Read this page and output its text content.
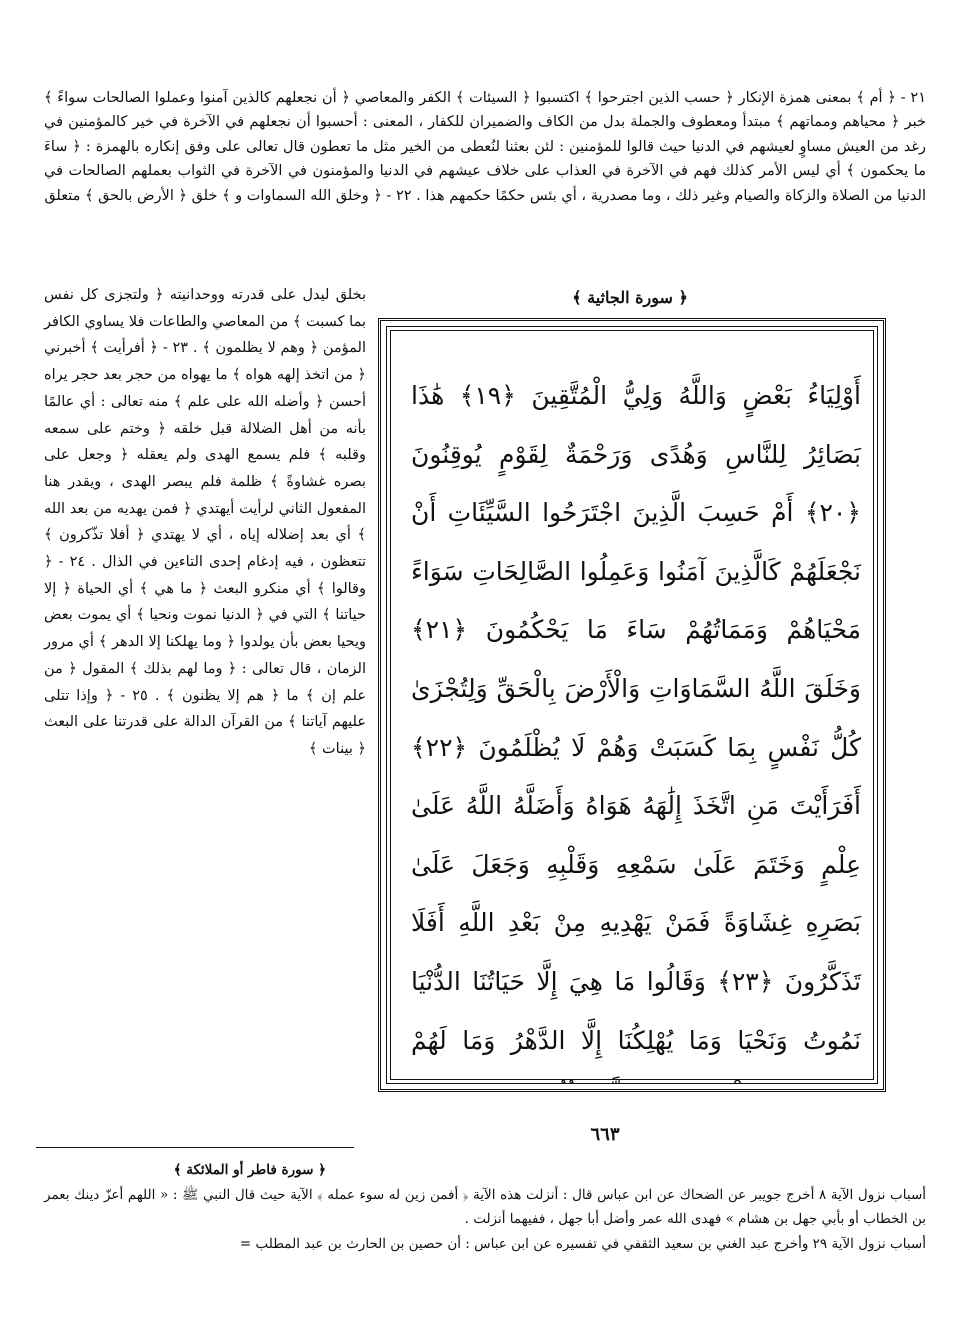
٢١ - ﴿ أم ﴾ بمعنى همزة الإنكار ﴿ حسب الذين اجترحوا ﴾ اكتسبوا ﴿ السيئات ﴾ الكفر والمعاصي ﴿ أن نجعلهم كالذين آمنوا وعملوا الصالحات سواءً ﴾ خبر ﴿ محياهم ومماتهم ﴾ مبتدأ ومعطوف والجملة بدل من الكاف والضميران للكفار ، المعنى : أحسبوا أن نجعلهم في الآخرة في خير كالمؤمنين في رغد من العيش مساوٍ لعيشهم في الدنيا حيث قالوا للمؤمنين : لئن بعثنا لنُعطى من الخير مثل ما تعطون قال تعالى على وفق إنكاره بالهمزة : ﴿ ساءَ ما يحكمون ﴾ أي ليس الأمر كذلك فهم في الآخرة في العذاب على خلاف عيشهم في الدنيا والمؤمنون في الآخرة في الثواب بعملهم الصالحات في الدنيا من الصلاة والزكاة والصيام وغير ذلك ، وما مصدرية ، أي بئس حكمًا حكمهم هذا . ٢٢ - ﴿ وخلق الله السماوات و ﴾ خلق ﴿ الأرض بالحق ﴾ متعلق
﴿ سورة الجاثية ﴾
أَوْلِيَاءُ بَعْضٍ وَاللَّهُ وَلِيُّ الْمُتَّقِينَ ﴿١٩﴾ هَٰذَا بَصَائِرُ لِلنَّاسِ وَهُدًى وَرَحْمَةٌ لِقَوْمٍ يُوقِنُونَ ﴿٢٠﴾ أَمْ حَسِبَ الَّذِينَ اجْتَرَحُوا السَّيِّئَاتِ أَنْ نَجْعَلَهُمْ كَالَّذِينَ آمَنُوا وَعَمِلُوا الصَّالِحَاتِ سَوَاءً مَحْيَاهُمْ وَمَمَاتُهُمْ سَاءَ مَا يَحْكُمُونَ ﴿٢١﴾ وَخَلَقَ اللَّهُ السَّمَاوَاتِ وَالْأَرْضَ بِالْحَقِّ وَلِتُجْزَىٰ كُلُّ نَفْسٍ بِمَا كَسَبَتْ وَهُمْ لَا يُظْلَمُونَ ﴿٢٢﴾ أَفَرَأَيْتَ مَنِ اتَّخَذَ إِلَٰهَهُ هَوَاهُ وَأَضَلَّهُ اللَّهُ عَلَىٰ عِلْمٍ وَخَتَمَ عَلَىٰ سَمْعِهِ وَقَلْبِهِ وَجَعَلَ عَلَىٰ بَصَرِهِ غِشَاوَةً فَمَنْ يَهْدِيهِ مِنْ بَعْدِ اللَّهِ أَفَلَا تَذَكَّرُونَ ﴿٢٣﴾ وَقَالُوا مَا هِيَ إِلَّا حَيَاتُنَا الدُّنْيَا نَمُوتُ وَنَحْيَا وَمَا يُهْلِكُنَا إِلَّا الدَّهْرُ وَمَا لَهُمْ
بخلق ليدل على قدرته ووحدانيته ﴿ ولتجزى كل نفس بما كسبت ﴾ من المعاصي والطاعات فلا يساوي الكافر المؤمن ﴿ وهم لا يظلمون ﴾ . ٢٣ - ﴿ أفرأيت ﴾ أخبرني ﴿ من اتخذ إلهه هواه ﴾ ما يهواه من حجر بعد حجر يراه أحسن ﴿ وأضله الله على علم ﴾ منه تعالى : أي عالمًا بأنه من أهل الضلالة قبل خلقه ﴿ وختم على سمعه وقلبه ﴾ فلم يسمع الهدى ولم يعقله ﴿ وجعل على بصره غشاوةً ﴾ ظلمة فلم يبصر الهدى ، ويقدر هنا المفعول الثاني لرأيت أيهتدي ﴿ فمن يهديه من بعد الله ﴾ أي بعد إضلاله إياه ، أي لا يهتدي ﴿ أفلا تذّكرون ﴾ تتعظون ، فيه إدغام إحدى التاءين في الذال . ٢٤ - ﴿ وقالوا ﴾ أي منكرو البعث ﴿ ما هي ﴾ أي الحياة ﴿ إلا حياتنا ﴾ التي في ﴿ الدنيا نموت ونحيا ﴾ أي يموت بعض ويحيا بعض بأن يولدوا ﴿ وما يهلكنا إلا الدهر ﴾ أي مرور الزمان ، قال تعالى : ﴿ وما لهم بذلك ﴾ المقول ﴿ من علم إن ﴾ ما ﴿ هم إلا يظنون ﴾ . ٢٥ - ﴿ وإذا تتلى عليهم آياتنا ﴾ من القرآن الدالة على قدرتنا على البعث ﴿ بينات ﴾
٦٦٣
﴿ سورة فاطر أو الملائكة ﴾
أسباب نزول الآية ٨ أخرج جويبر عن الضحاك عن ابن عباس قال : أنزلت هذه الآية ﴿ أفمن زين له سوء عمله ﴾ الآية حيث قال النبي ﷺ : « اللهم أعزّ دينك بعمر بن الخطاب أو بأبي جهل بن هشام » فهدى الله عمر وأضل أبا جهل ، ففيهما أنزلت .
أسباب نزول الآية ٢٩ وأخرج عبد الغني بن سعيد الثقفي في تفسيره عن ابن عباس : أن حصين بن الحارث بن عبد المطلب =
